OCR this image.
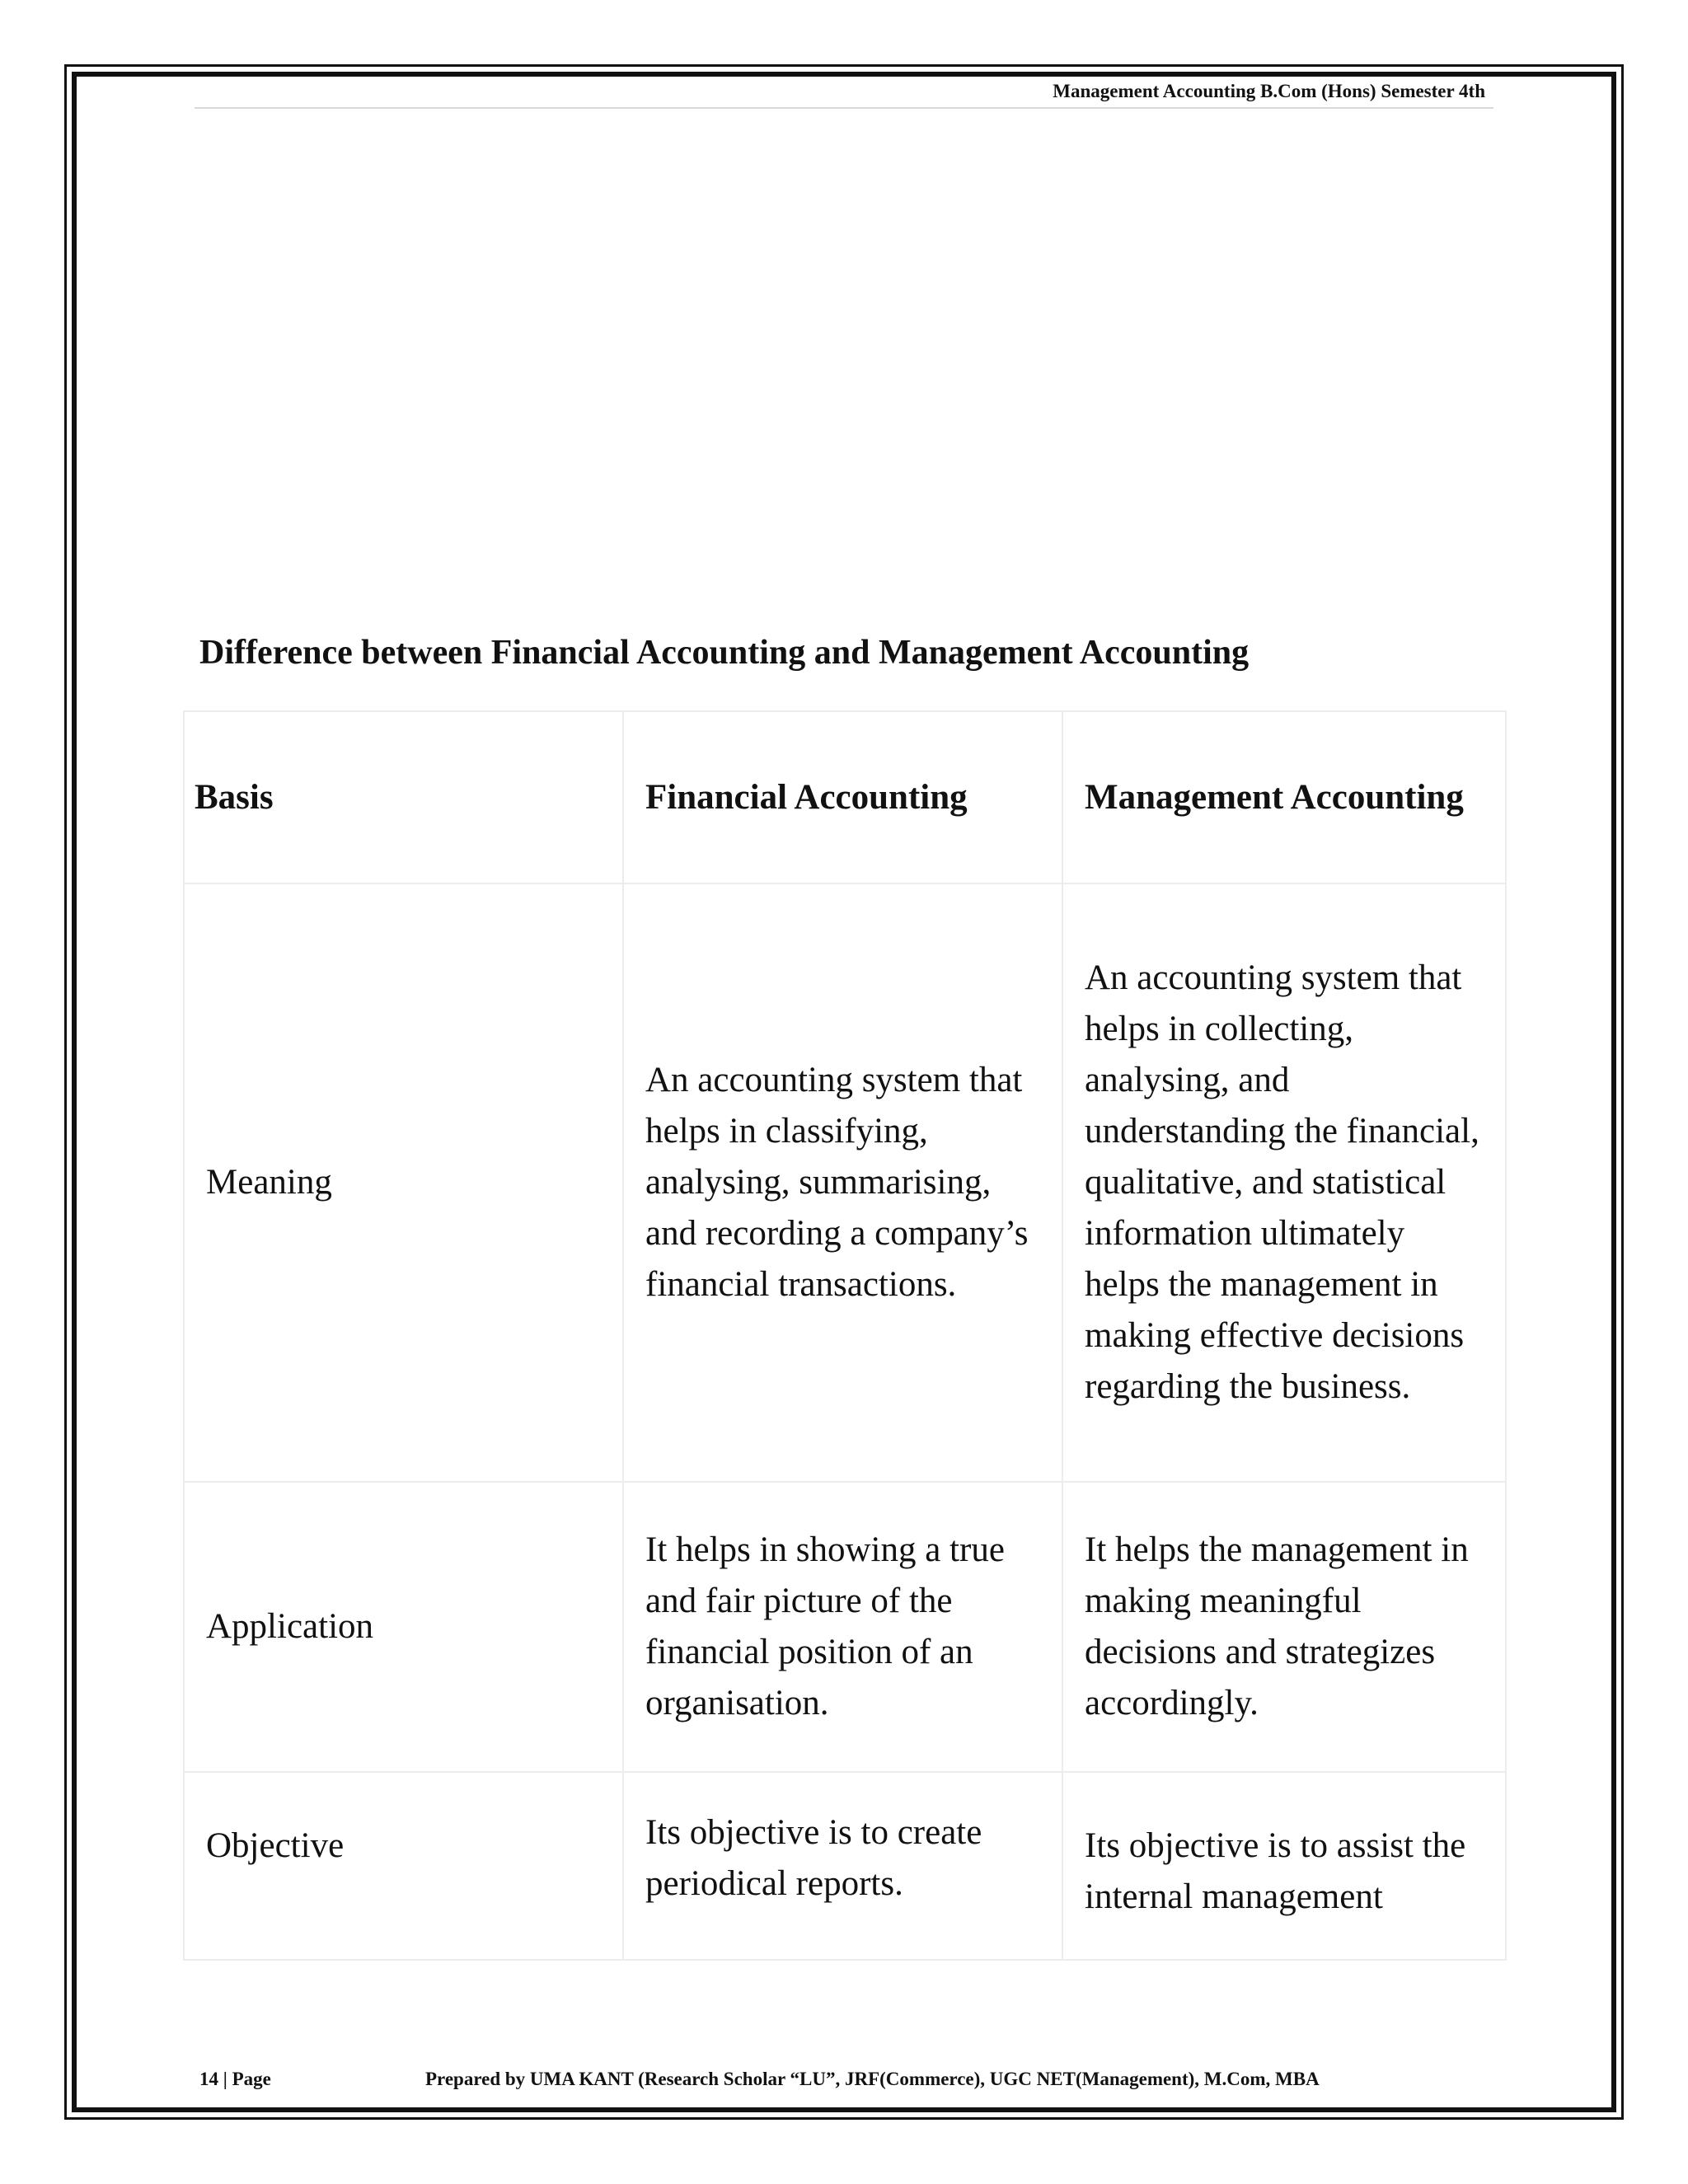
Management Accounting B.Com (Hons) Semester 4th
Difference between Financial Accounting and Management Accounting
Basis	Financial Accounting	Management Accounting
Meaning	An accounting system that helps in classifying, analysing, summarising, and recording a company’s financial transactions.	An accounting system that helps in collecting, analysing, and understanding the financial, qualitative, and statistical information ultimately helps the management in making effective decisions regarding the business.
Application	It helps in showing a true and fair picture of the financial position of an organisation.	It helps the management in making meaningful decisions and strategizes accordingly.
Objective	Its objective is to create periodical reports.	Its objective is to assist the internal management
14 | Page	Prepared by UMA KANT (Research Scholar “LU”, JRF(Commerce), UGC NET(Management), M.Com, MBA
